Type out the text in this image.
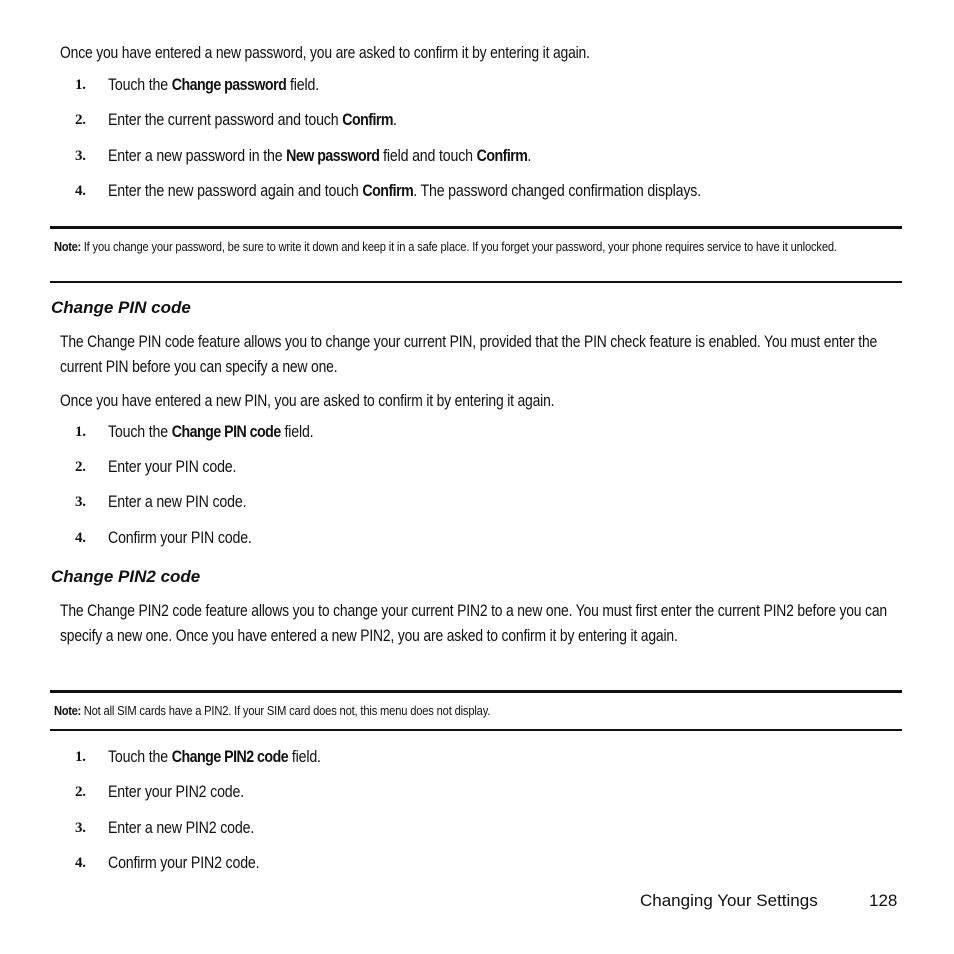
Once you have entered a new password, you are asked to confirm it by entering it again.
1.	Touch the Change password field.
2.	Enter the current password and touch Confirm.
3.	Enter a new password in the New password field and touch Confirm.
4.	Enter the new password again and touch Confirm. The password changed confirmation displays.
Note: If you change your password, be sure to write it down and keep it in a safe place. If you forget your password, your phone requires service to have it unlocked.
Change PIN code
The Change PIN code feature allows you to change your current PIN, provided that the PIN check feature is enabled. You must enter the current PIN before you can specify a new one.
Once you have entered a new PIN, you are asked to confirm it by entering it again.
1.	Touch the Change PIN code field.
2.	Enter your PIN code.
3.	Enter a new PIN code.
4.	Confirm your PIN code.
Change PIN2 code
The Change PIN2 code feature allows you to change your current PIN2 to a new one. You must first enter the current PIN2 before you can specify a new one. Once you have entered a new PIN2, you are asked to confirm it by entering it again.
Note: Not all SIM cards have a PIN2. If your SIM card does not, this menu does not display.
1.	Touch the Change PIN2 code field.
2.	Enter your PIN2 code.
3.	Enter a new PIN2 code.
4.	Confirm your PIN2 code.
Changing Your Settings	128
